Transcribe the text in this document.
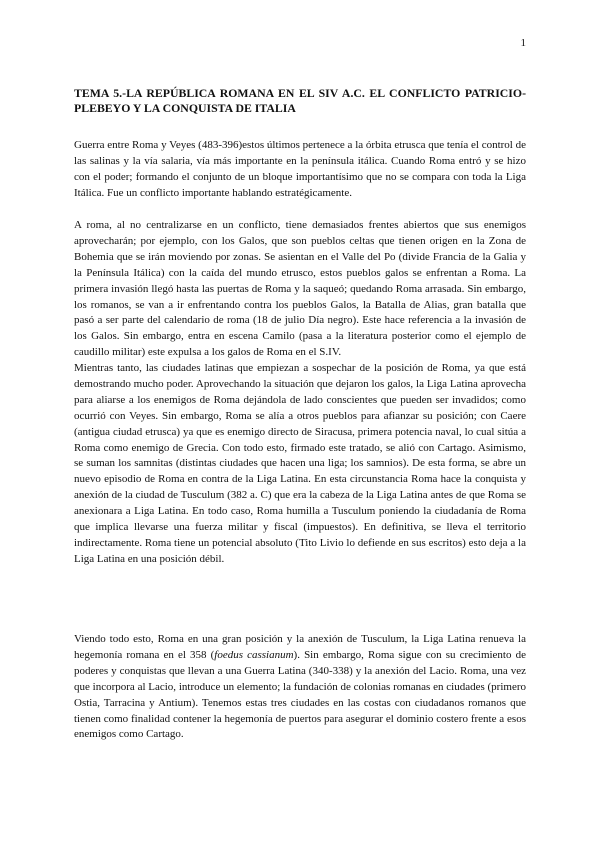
1
TEMA 5.-LA REPÚBLICA ROMANA EN EL SIV A.C. EL CONFLICTO PATRICIO-PLEBEYO Y LA CONQUISTA DE ITALIA

Guerra entre Roma y Veyes (483-396)estos últimos pertenece a la órbita etrusca que tenía el control de las salinas y la vía salaria, vía más importante en la península itálica. Cuando Roma entró y se hizo con el poder; formando el conjunto de un bloque importantísimo que no se compara con toda la Liga Itálica. Fue un conflicto importante hablando estratégicamente.

A roma, al no centralizarse en un conflicto, tiene demasiados frentes abiertos que sus enemigos aprovecharán; por ejemplo, con los Galos, que son pueblos celtas que tienen origen en la Zona de Bohemia que se irán moviendo por zonas. Se asientan en el Valle del Po (divide Francia de la Galia y la Península Itálica) con la caída del mundo etrusco, estos pueblos galos se enfrentan a Roma. La primera invasión llegó hasta las puertas de Roma y la saqueó; quedando Roma arrasada. Sin embargo, los romanos, se van a ir enfrentando contra los pueblos Galos, la Batalla de Alias, gran batalla que pasó a ser parte del calendario de roma (18 de julio Día negro). Este hace referencia a la invasión de los Galos. Sin embargo, entra en escena Camilo (pasa a la literatura posterior como el ejemplo de caudillo militar) este expulsa a los galos de Roma en el S.IV.

Mientras tanto, las ciudades latinas que empiezan a sospechar de la posición de Roma, ya que está demostrando mucho poder. Aprovechando la situación que dejaron los galos, la Liga Latina aprovecha para aliarse a los enemigos de Roma dejándola de lado conscientes que pueden ser invadidos; como ocurrió con Veyes. Sin embargo, Roma se alía a otros pueblos para afianzar su posición; con Caere (antigua ciudad etrusca) ya que es enemigo directo de Siracusa, primera potencia naval, lo cual sitúa a Roma como enemigo de Grecia. Con todo esto, firmado este tratado, se alió con Cartago. Asimismo, se suman los samnitas (distintas ciudades que hacen una liga; los samnios). De esta forma, se abre un nuevo episodio de Roma en contra de la Liga Latina. En esta circunstancia Roma hace la conquista y anexión de la ciudad de Tusculum (382 a. C) que era la cabeza de la Liga Latina antes de que Roma se anexionara a Liga Latina. En todo caso, Roma humilla a Tusculum poniendo la ciudadanía de Roma que implica llevarse una fuerza militar y fiscal (impuestos). En definitiva, se lleva el territorio indirectamente. Roma tiene un potencial absoluto (Tito Livio lo defiende en sus escritos) esto deja a la Liga Latina en una posición débil.

Viendo todo esto, Roma en una gran posición y la anexión de Tusculum, la Liga Latina renueva la hegemonía romana en el 358 (foedus cassianum). Sin embargo, Roma sigue con su crecimiento de poderes y conquistas que llevan a una Guerra Latina (340-338) y la anexión del Lacio. Roma, una vez que incorpora al Lacio, introduce un elemento; la fundación de colonias romanas en ciudades (primero Ostia, Tarracina y Antium). Tenemos estas tres ciudades en las costas con ciudadanos romanos que tienen como finalidad contener la hegemonía de puertos para asegurar el dominio costero frente a esos enemigos como Cartago.
